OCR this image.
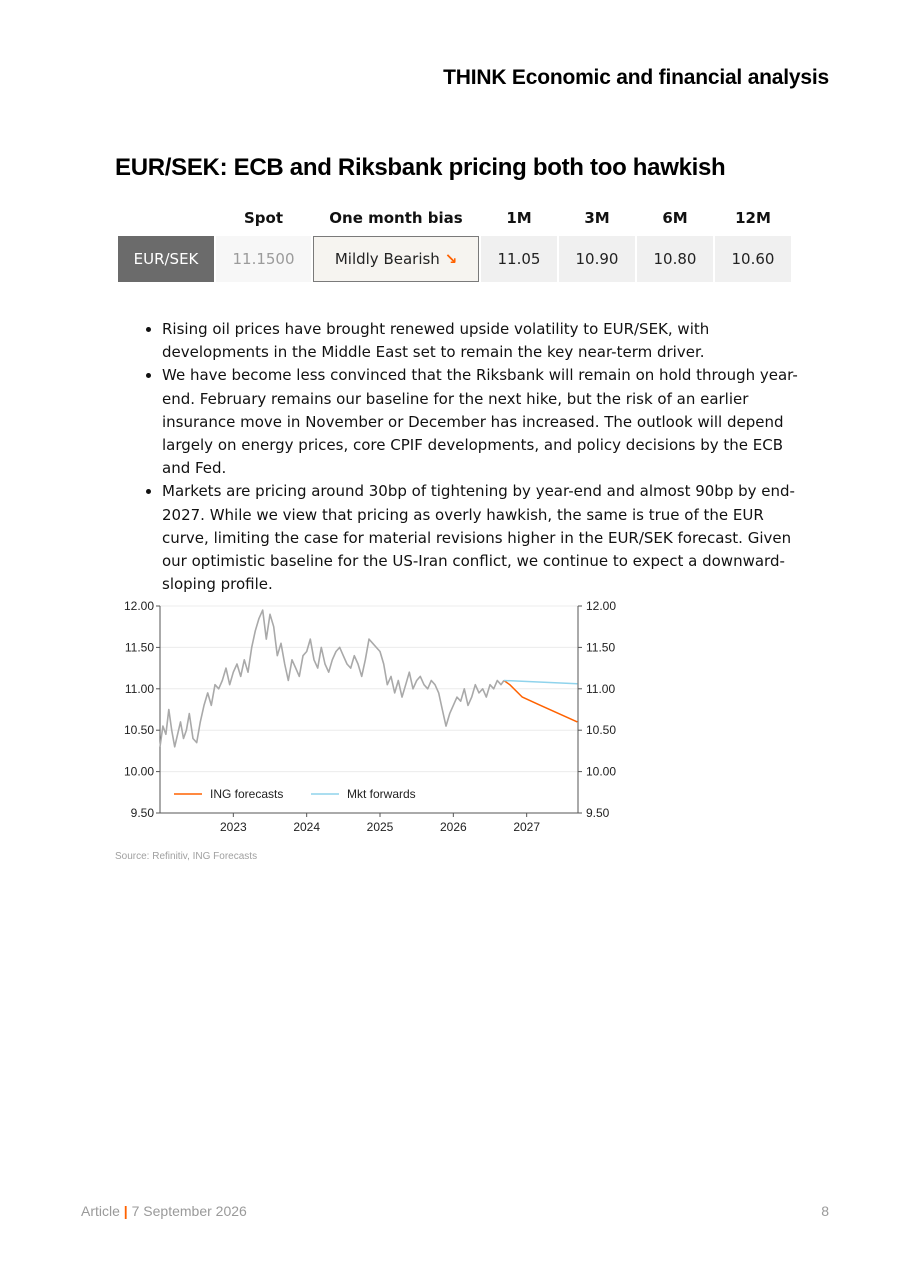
THINK Economic and financial analysis
EUR/SEK: ECB and Riksbank pricing both too hawkish
	Spot	One month bias	1M	3M	6M	12M
EUR/SEK	11.1500	Mildly Bearish ↘	11.05	10.90	10.80	10.60
• Rising oil prices have brought renewed upside volatility to EUR/SEK, with developments in the Middle East set to remain the key near-term driver.
• We have become less convinced that the Riksbank will remain on hold through year-end. February remains our baseline for the next hike, but the risk of an earlier insurance move in November or December has increased. The outlook will depend largely on energy prices, core CPIF developments, and policy decisions by the ECB and Fed.
• Markets are pricing around 30bp of tightening by year-end and almost 90bp by end-2027. While we view that pricing as overly hawkish, the same is true of the EUR curve, limiting the case for material revisions higher in the EUR/SEK forecast. Given our optimistic baseline for the US-Iran conflict, we continue to expect a downward-sloping profile.
12.00	12.00
11.50	11.50
11.00	11.00
10.50	10.50
10.00	10.00
9.50	9.50
2023	2024	2025	2026	2027
ING forecasts	Mkt forwards
Source: Refinitiv, ING Forecasts
Article | 7 September 2026	8
